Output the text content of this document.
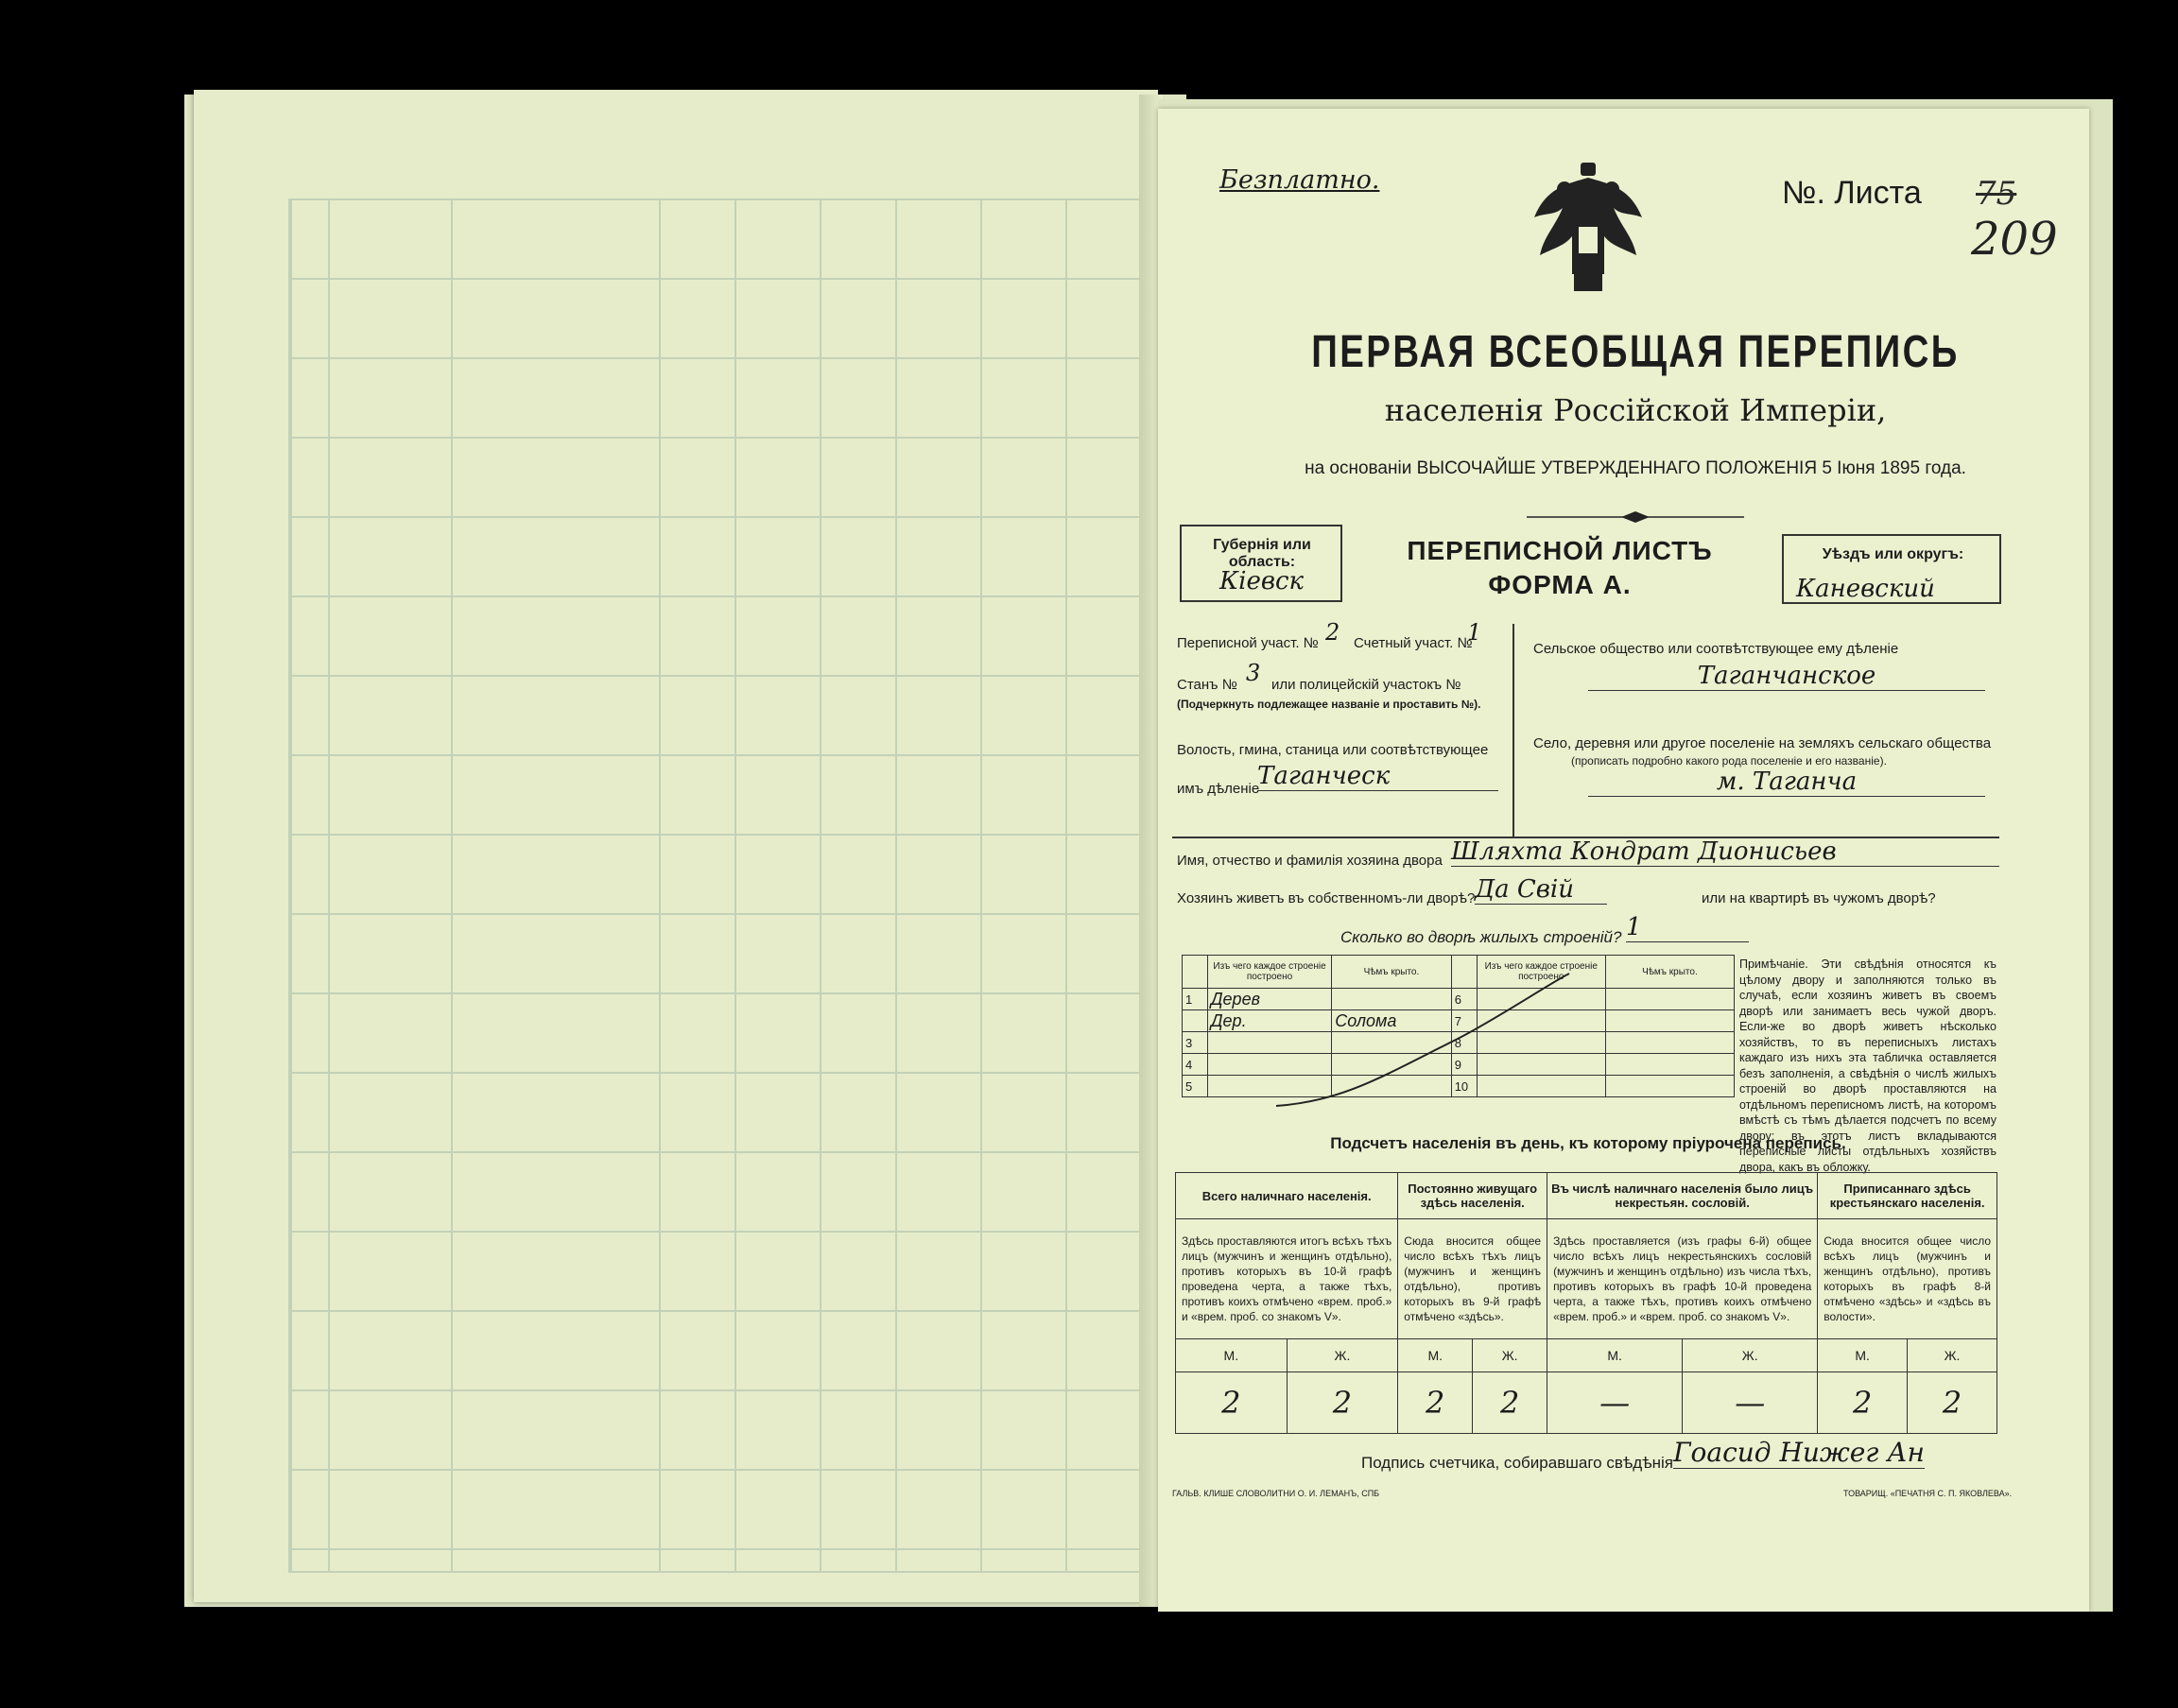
Безплатно.	№. Листа 75
209
ПЕРВАЯ ВСЕОБЩАЯ ПЕРЕПИСЬ
населенія Россійской Имперіи,
на основаніи ВЫСОЧАЙШЕ УТВЕРЖДЕННАГО ПОЛОЖЕНІЯ 5 Іюня 1895 года.
Губернія или область:
Кiевск
ПЕРЕПИСНОЙ ЛИСТЪ
ФОРМА А.
Уѣздъ или округъ:
Каневский
Переписной участ. № 2 Счетный участ. №
1
Станъ № 3 или полицейскій участокъ №
(Подчеркнуть подлежащее названіе и проставить №).
Волость, гмина, станица или соотвѣтствующее
имъ дѣленіе
Таганческ
Сельское общество или соотвѣтствующее ему дѣленіе
Таганчанское
Село, деревня или другое поселеніе на земляхъ сельскаго общества
(прописать подробно какого рода поселеніе и его названіе).
м. Таганча
Имя, отчество и фамилія хозяина двора Шляхта Кондрат Дионисьев
Хозяинъ живетъ въ собственномъ-ли дворѣ? Да Свій	или на квартирѣ въ чужомъ дворѣ?
Сколько во дворѣ жилыхъ строеній? 1
	Изъ чего каждое строеніе построено	Чѣмъ крыто.		Изъ чего каждое строеніе построено	Чѣмъ крыто.
1	Дерев		6		
	Дер.	Солома	7		
3			8		
4			9		
5			10		
Примѣчаніе. Эти свѣдѣнія относятся къ цѣлому двору и заполняются только въ случаѣ, если хозяинъ живетъ въ своемъ дворѣ или занимаетъ весь чужой дворъ. Если-же во дворѣ живетъ нѣсколько хозяйствъ, то въ переписныхъ листахъ каждаго изъ нихъ эта табличка оставляется безъ заполненія, а свѣдѣнія о числѣ жилыхъ строеній во дворѣ проставляются на отдѣльномъ переписномъ листѣ, на которомъ вмѣстѣ съ тѣмъ дѣлается подсчетъ по всему двору; въ этотъ листъ вкладываются переписные листы отдѣльныхъ хозяйствъ двора, какъ въ обложку.
Подсчетъ населенія въ день, къ которому пріурочена перепись.
Всего наличнаго населенія.		Постоянно живущаго здѣсь населенія.		Въ числѣ наличнаго населенія было лицъ некрестьян. сословій.		Приписаннаго здѣсь крестьянскаго населенія.	
Здѣсь проставляются итогъ всѣхъ тѣхъ лицъ (мужчинъ и женщинъ отдѣльно), противъ которыхъ въ 10-й графѣ проведена черта, а также тѣхъ, противъ коихъ отмѣчено «врем. проб.» и «врем. проб. со знакомъ V».		Сюда вносится общее число всѣхъ тѣхъ лицъ (мужчинъ и женщинъ отдѣльно), противъ которыхъ въ 9-й графѣ отмѣчено «здѣсь».		Здѣсь проставляется (изъ графы 6-й) общее число всѣхъ лицъ некрестьянскихъ сословій (мужчинъ и женщинъ отдѣльно) изъ числа тѣхъ, противъ которыхъ въ графѣ 10-й проведена черта, а также тѣхъ, противъ коихъ отмѣчено «врем. проб.» и «врем. проб. со знакомъ V».		Сюда вносится общее число всѣхъ лицъ (мужчинъ и женщинъ отдѣльно), противъ которыхъ въ графѣ 8-й отмѣчено «здѣсь» и «здѣсь въ волости».	
М.	Ж.	М.	Ж.	М.	Ж.	М.	Ж.
2	2	2	2	—	—	2	2
Подпись счетчика, собиравшаго свѣдѣнія Гоасид Нижег Ан
ГАЛЬВ. КЛИШЕ СЛОВОЛИТНИ О. И. ЛЕМАНЪ, СПБ	ТОВАРИЩ. «ПЕЧАТНЯ С. П. ЯКОВЛЕВА».
